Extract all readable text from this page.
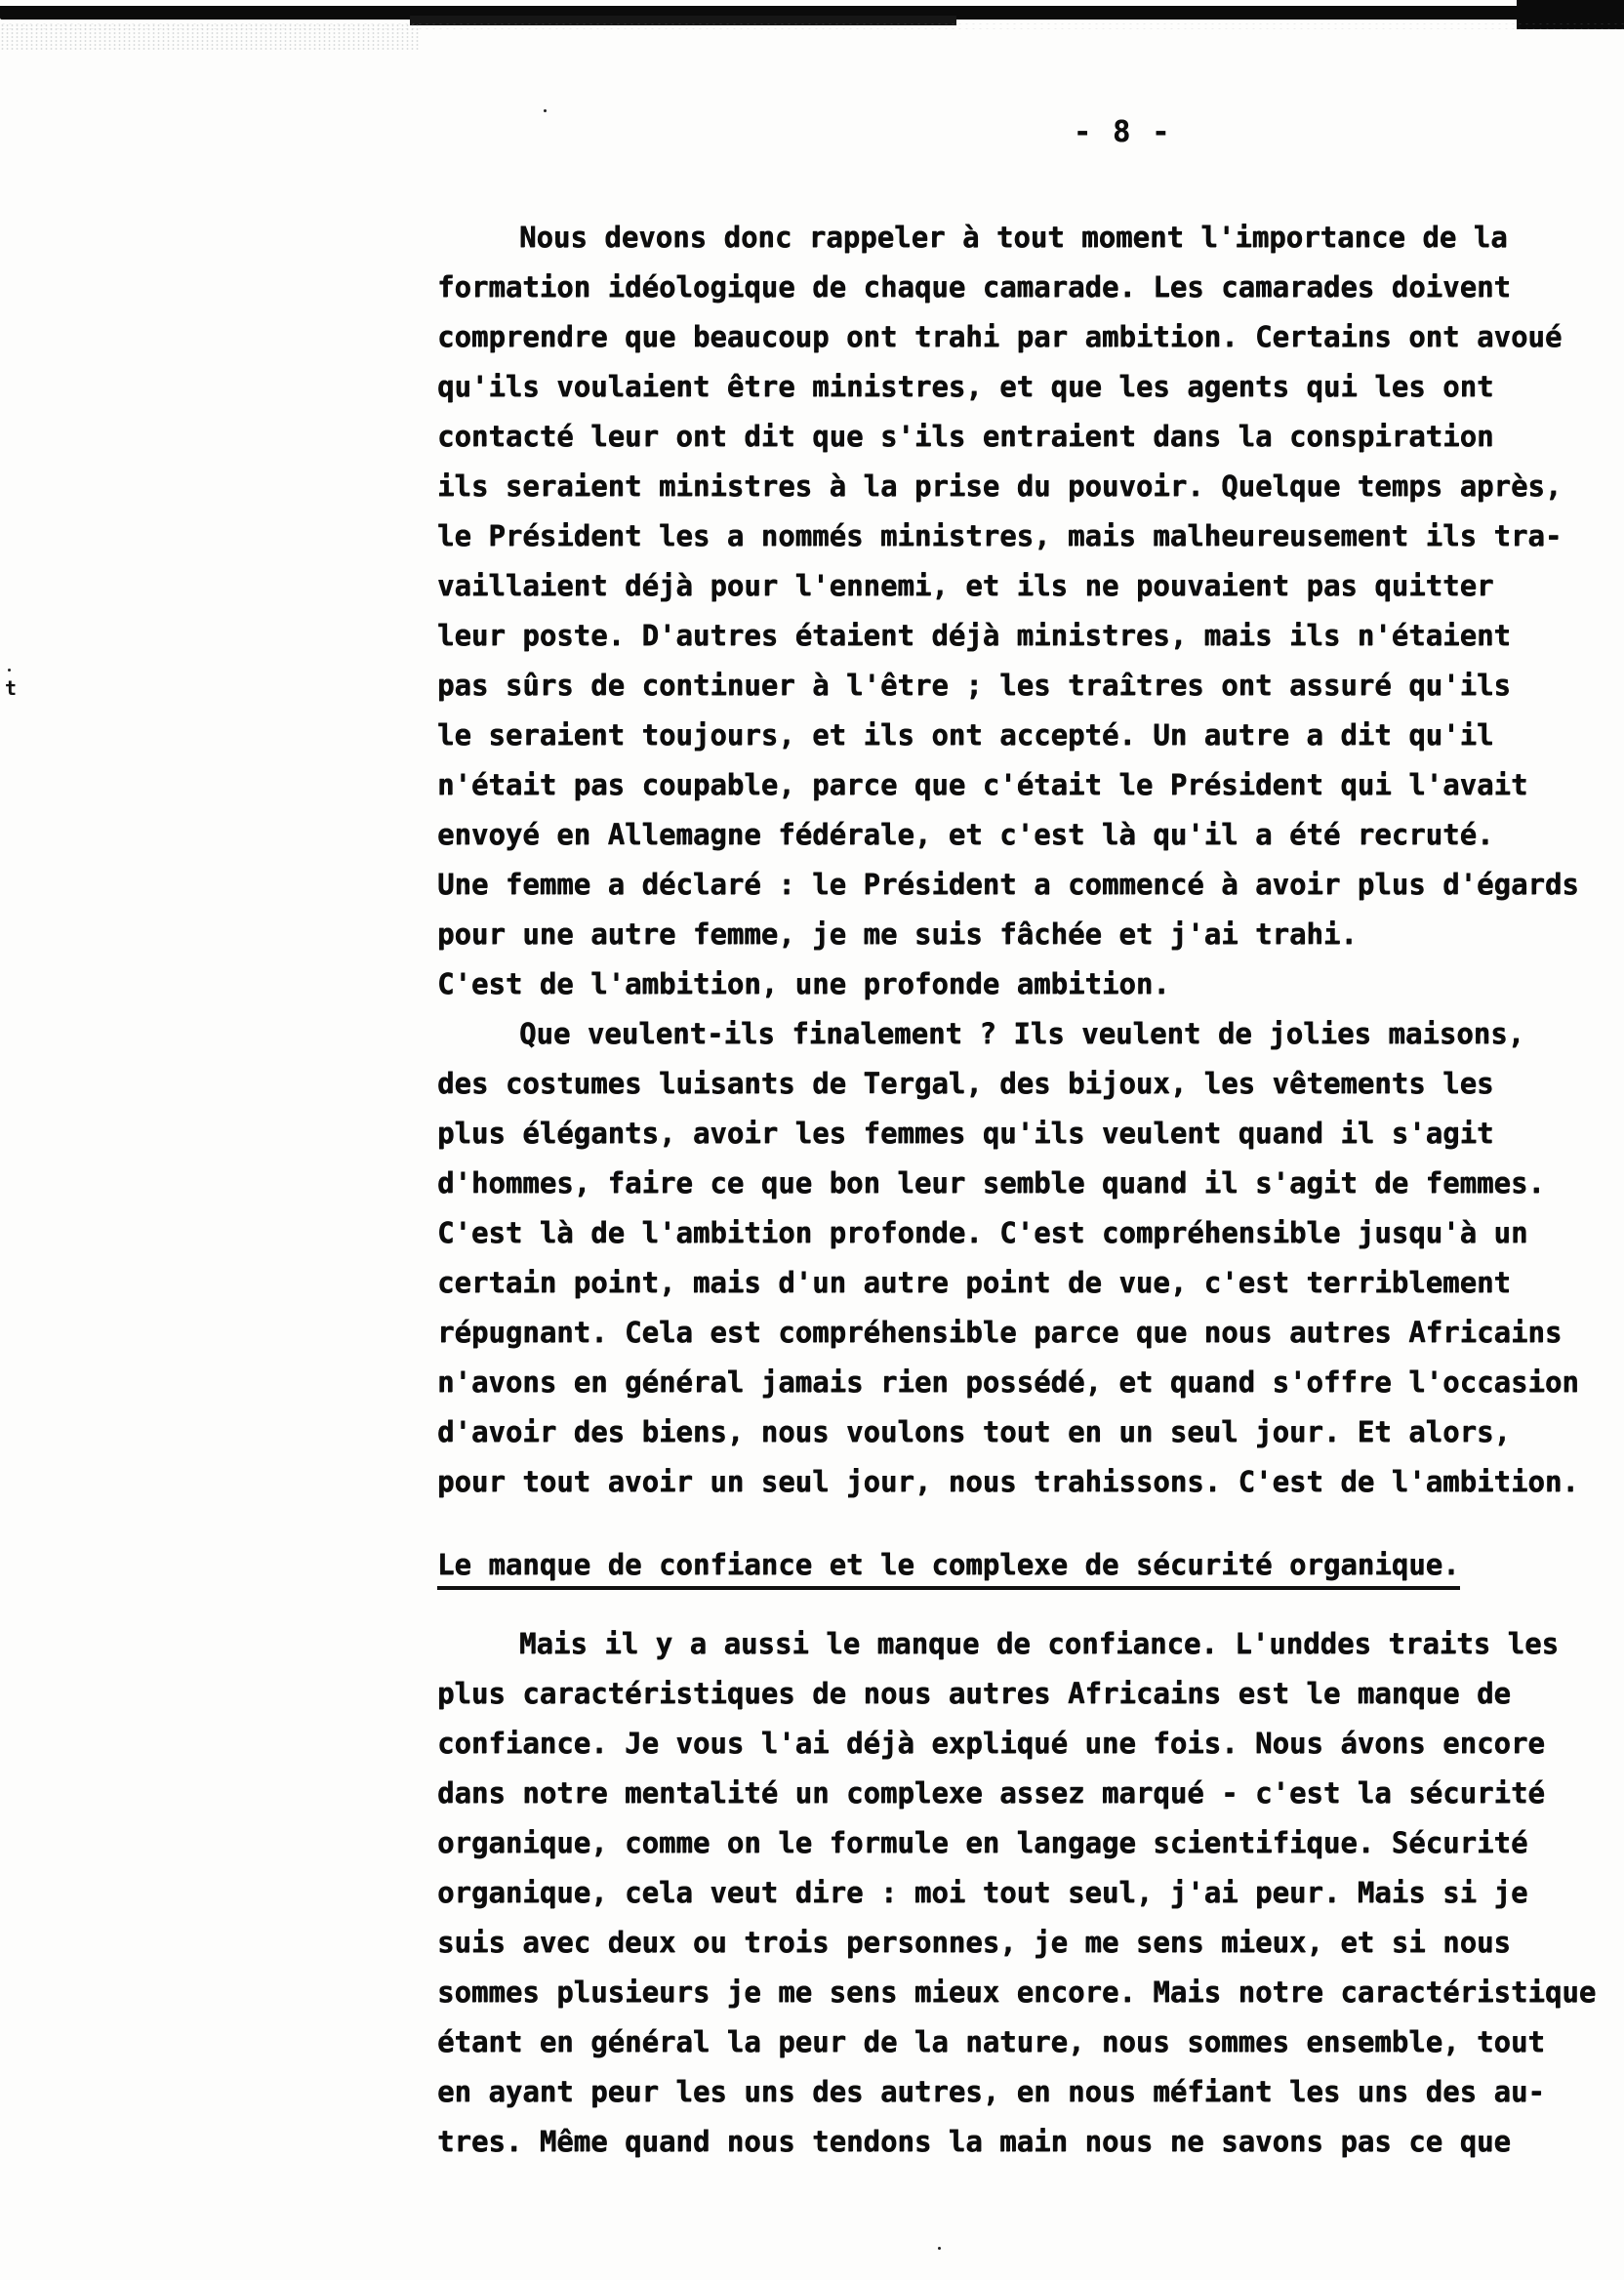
t
- 8 -
Nous devons donc rappeler à tout moment l'importance de la
formation idéologique de chaque camarade. Les camarades doivent
comprendre que beaucoup ont trahi par ambition. Certains ont avoué
qu'ils voulaient être ministres, et que les agents qui les ont
contacté leur ont dit que s'ils entraient dans la conspiration
ils seraient ministres à la prise du pouvoir. Quelque temps après,
le Président les a nommés ministres, mais malheureusement ils tra-
vaillaient déjà pour l'ennemi, et ils ne pouvaient pas quitter
leur poste. D'autres étaient déjà ministres, mais ils n'étaient
pas sûrs de continuer à l'être ; les traîtres ont assuré qu'ils
le seraient toujours, et ils ont accepté. Un autre a dit qu'il
n'était pas coupable, parce que c'était le Président qui l'avait
envoyé en Allemagne fédérale, et c'est là qu'il a été recruté.
Une femme a déclaré : le Président a commencé à avoir plus d'égards
pour une autre femme, je me suis fâchée et j'ai trahi.
C'est de l'ambition, une profonde ambition.
Que veulent-ils finalement ? Ils veulent de jolies maisons,
des costumes luisants de Tergal, des bijoux, les vêtements les
plus élégants, avoir les femmes qu'ils veulent quand il s'agit
d'hommes, faire ce que bon leur semble quand il s'agit de femmes.
C'est là de l'ambition profonde. C'est compréhensible jusqu'à un
certain point, mais d'un autre point de vue, c'est terriblement
répugnant. Cela est compréhensible parce que nous autres Africains
n'avons en général jamais rien possédé, et quand s'offre l'occasion
d'avoir des biens, nous voulons tout en un seul jour. Et alors,
pour tout avoir un seul jour, nous trahissons. C'est de l'ambition.
Le manque de confiance et le complexe de sécurité organique.
Mais il y a aussi le manque de confiance. L'unddes traits les
plus caractéristiques de nous autres Africains est le manque de
confiance. Je vous l'ai déjà expliqué une fois. Nous ávons encore
dans notre mentalité un complexe assez marqué - c'est la sécurité
organique, comme on le formule en langage scientifique. Sécurité
organique, cela veut dire : moi tout seul, j'ai peur. Mais si je
suis avec deux ou trois personnes, je me sens mieux, et si nous
sommes plusieurs je me sens mieux encore. Mais notre caractéristique
étant en général la peur de la nature, nous sommes ensemble, tout
en ayant peur les uns des autres, en nous méfiant les uns des au-
tres. Même quand nous tendons la main nous ne savons pas ce que
